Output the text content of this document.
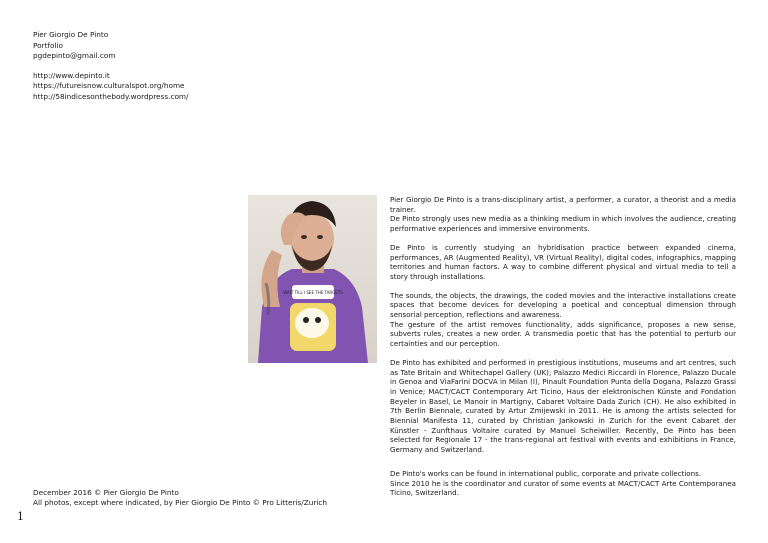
Pier Giorgio De Pinto
Portfolio
pgdepinto@gmail.com
http://www.depinto.it
https://futureisnow.culturalspot.org/home
http://58indicesonthebody.wordpress.com/
WAIT TILL I SEE THE TARGETS

Pier Giorgio De Pinto is a trans-disciplinary artist, a performer, a curator, a theorist and a media trainer.
De Pinto strongly uses new media as a thinking medium in which involves the audience, creating performative experiences and immersive environments.

De Pinto is currently studying an hybridisation practice between expanded cinema, performances, AR (Augmented Reality), VR (Virtual Reality), digital codes, infographics, mapping territories and human factors. A way to combine different physical and virtual media to tell a story through installations.

The sounds, the objects, the drawings, the coded movies and the interactive installations create spaces that become devices for developing a poetical and conceptual dimension through sensorial perception, reflections and awareness.
The gesture of the artist removes functionality, adds significance, proposes a new sense, subverts rules, creates a new order. A transmedia poetic that has the potential to perturb our certainties and our perception.

De Pinto has exhibited and performed in prestigious institutions, museums and art centres, such as Tate Britain and Whitechapel Gallery (UK); Palazzo Medici Riccardi in Florence, Palazzo Ducale in Genoa and ViaFarini DOCVA in Milan (I), Pinault Foundation Punta della Dogana, Palazzo Grassi in Venice; MACT/CACT Contemporary Art Ticino, Haus der elektronischen Künste and Fondation Beyeler in Basel, Le Manoir in Martigny, Cabaret Voltaire Dada Zurich (CH). He also exhibited in 7th Berlin Biennale, curated by Artur Zmijewski in 2011. He is among the artists selected for Biennial Manifesta 11, curated by Christian Jankowski in Zurich for the event Cabaret der Künstler - Zunfthaus Voltaire curated by Manuel Scheiwiller. Recently, De Pinto has been selected for Regionale 17 - the trans-regional art festival with events and exhibitions in France, Germany and Switzerland.

De Pinto's works can be found in international public, corporate and private collections.
Since 2010 he is the coordinator and curator of some events at MACT/CACT Arte Contemporanea Ticino, Switzerland.

December 2016 © Pier Giorgio De Pinto
All photos, except where indicated, by Pier Giorgio De Pinto © Pro Litteris/Zurich
1
